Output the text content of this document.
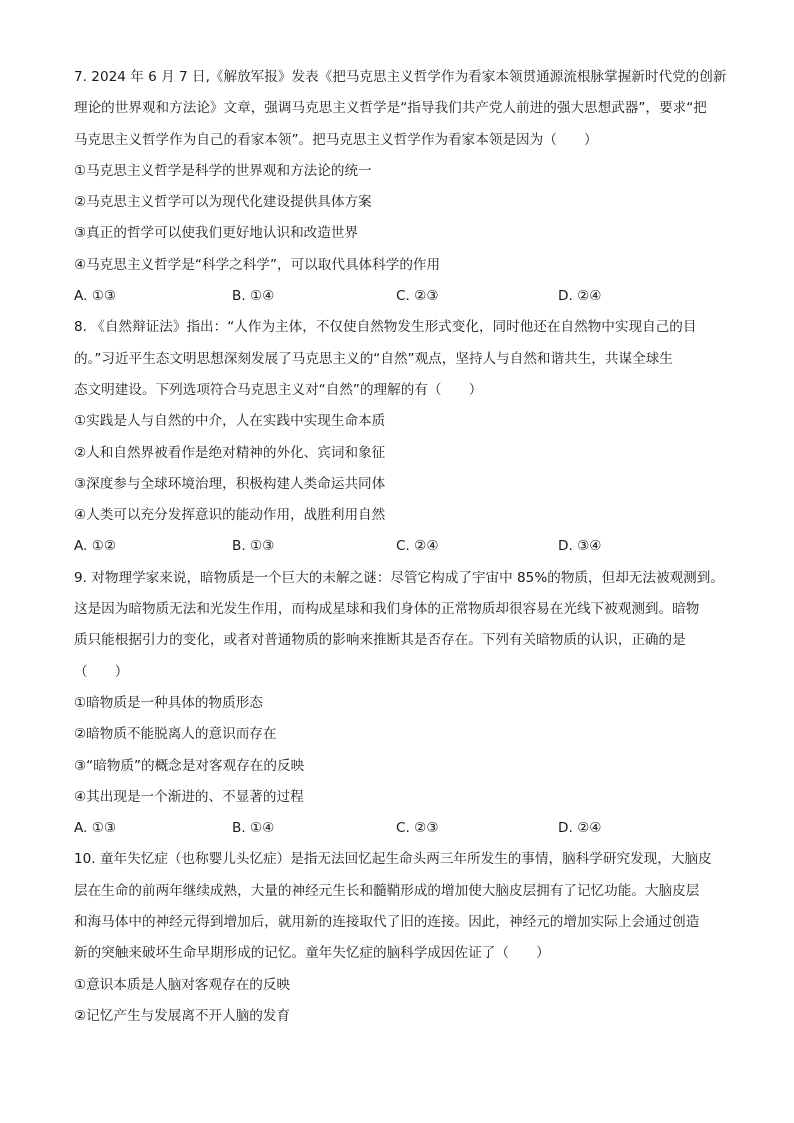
7. 2024 年 6 月 7 日,《解放军报》发表《把马克思主义哲学作为看家本领贯通源流根脉掌握新时代党的创新
理论的世界观和方法论》文章，强调马克思主义哲学是“指导我们共产党人前进的强大思想武器”，要求“把
马克思主义哲学作为自己的看家本领”。把马克思主义哲学作为看家本领是因为（　　）
①马克思主义哲学是科学的世界观和方法论的统一
②马克思主义哲学可以为现代化建设提供具体方案
③真正的哲学可以使我们更好地认识和改造世界
④马克思主义哲学是“科学之科学”，可以取代具体科学的作用
A. ①③	B. ①④	C. ②③	D. ②④
8. 《自然辩证法》指出：“人作为主体，不仅使自然物发生形式变化，同时他还在自然物中实现自己的目
的。”习近平生态文明思想深刻发展了马克思主义的“自然”观点，坚持人与自然和谐共生，共谋全球生
态文明建设。下列选项符合马克思主义对“自然”的理解的有（　　）
①实践是人与自然的中介，人在实践中实现生命本质
②人和自然界被看作是绝对精神的外化、宾词和象征
③深度参与全球环境治理，积极构建人类命运共同体
④人类可以充分发挥意识的能动作用，战胜利用自然
A. ①②	B. ①③	C. ②④	D. ③④
9. 对物理学家来说，暗物质是一个巨大的未解之谜：尽管它构成了宇宙中 85%的物质，但却无法被观测到。
这是因为暗物质无法和光发生作用，而构成星球和我们身体的正常物质却很容易在光线下被观测到。暗物
质只能根据引力的变化，或者对普通物质的影响来推断其是否存在。下列有关暗物质的认识，正确的是
（　　）
①暗物质是一种具体的物质形态
②暗物质不能脱离人的意识而存在
③“暗物质”的概念是对客观存在的反映
④其出现是一个渐进的、不显著的过程
A. ①③	B. ①④	C. ②③	D. ②④
10. 童年失忆症（也称婴儿头忆症）是指无法回忆起生命头两三年所发生的事情，脑科学研究发现，大脑皮
层在生命的前两年继续成熟，大量的神经元生长和髓鞘形成的增加使大脑皮层拥有了记忆功能。大脑皮层
和海马体中的神经元得到增加后，就用新的连接取代了旧的连接。因此，神经元的增加实际上会通过创造
新的突触来破坏生命早期形成的记忆。童年失忆症的脑科学成因佐证了（　　）
①意识本质是人脑对客观存在的反映
②记忆产生与发展离不开人脑的发育
